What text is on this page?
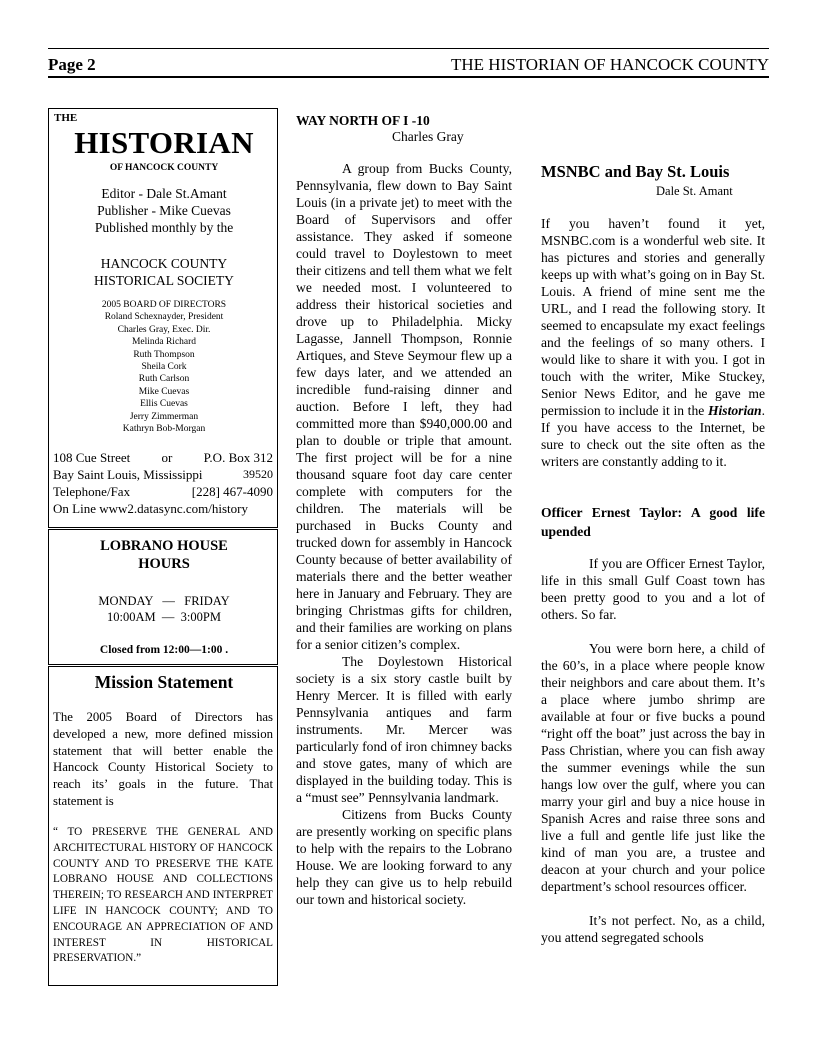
Page 2	THE HISTORIAN OF HANCOCK COUNTY
THE
HISTORIAN
OF HANCOCK COUNTY
Editor - Dale St.Amant
Publisher - Mike Cuevas
Published monthly by the
HANCOCK COUNTY
HISTORICAL SOCIETY
2005 BOARD OF DIRECTORS
Roland Schexnayder, President
Charles Gray, Exec. Dir.
Melinda Richard
Ruth Thompson
Sheila Cork
Ruth Carlson
Mike Cuevas
Ellis Cuevas
Jerry Zimmerman
Kathryn Bob-Morgan
108 Cue Street or P.O. Box 312
Bay Saint Louis, Mississippi	39520
Telephone/Fax	[228] 467-4090
On Line www2.datasync.com/history
LOBRANO HOUSE
HOURS
MONDAY   —   FRIDAY
10:00AM  —  3:00PM
Closed from 12:00—1:00 .
Mission Statement
The 2005 Board of Directors has developed a new, more defined mission statement that will better enable the Hancock County Historical Society to reach its’ goals in the future. That statement is
“ TO PRESERVE THE GENERAL AND ARCHITECTURAL HISTORY OF HANCOCK COUNTY AND TO PRESERVE THE KATE LOBRANO HOUSE AND COLLECTIONS THEREIN; TO RESEARCH AND INTERPRET LIFE IN HANCOCK COUNTY; AND TO ENCOURAGE AN APPRECIATION OF AND INTEREST IN HISTORICAL PRESERVATION.”
WAY NORTH OF I -10
Charles Gray

A group from Bucks County, Pennsylvania, flew down to Bay Saint Louis (in a private jet) to meet with the Board of Supervisors and offer assistance. They asked if someone could travel to Doylestown to meet their citizens and tell them what we felt we needed most. I volunteered to address their historical societies and drove up to Philadelphia. Micky Lagasse, Jannell Thompson, Ronnie Artiques, and Steve Seymour flew up a few days later, and we attended an incredible fund-raising dinner and auction. Before I left, they had committed more than $940,000.00 and plan to double or triple that amount. The first project will be for a nine thousand square foot day care center complete with computers for the children. The materials will be purchased in Bucks County and trucked down for assembly in Hancock County because of better availability of materials there and the better weather here in January and February. They are bringing Christmas gifts for children, and their families are working on plans for a senior citizen’s complex.

The Doylestown Historical society is a six story castle built by Henry Mercer. It is filled with early Pennsylvania antiques and farm instruments. Mr. Mercer was particularly fond of iron chimney backs and stove gates, many of which are displayed in the building today. This is a “must see” Pennsylvania landmark.

Citizens from Bucks County are presently working on specific plans to help with the repairs to the Lobrano House. We are looking forward to any help they can give us to help rebuild our town and historical society.

MSNBC and Bay St. Louis
Dale St. Amant
If you haven’t found it yet, MSNBC.com is a wonderful web site. It has pictures and stories and generally keeps up with what’s going on in Bay St. Louis. A friend of mine sent me the URL, and I read the following story. It seemed to encapsulate my exact feelings and the feelings of so many others. I would like to share it with you. I got in touch with the writer, Mike Stuckey, Senior News Editor, and he gave me permission to include it in the Historian. If you have access to the Internet, be sure to check out the site often as the writers are constantly adding to it.
Officer Ernest Taylor: A good life upended

If you are Officer Ernest Taylor, life in this small Gulf Coast town has been pretty good to you and a lot of others. So far.

You were born here, a child of the 60’s, in a place where people know their neighbors and care about them. It’s a place where jumbo shrimp are available at four or five bucks a pound “right off the boat” just across the bay in Pass Christian, where you can fish away the summer evenings while the sun hangs low over the gulf, where you can marry your girl and buy a nice house in Spanish Acres and raise three sons and live a full and gentle life just like the kind of man you are, a trustee and deacon at your church and your police department’s school resources officer.

It’s not perfect. No, as a child, you attend segregated schools
